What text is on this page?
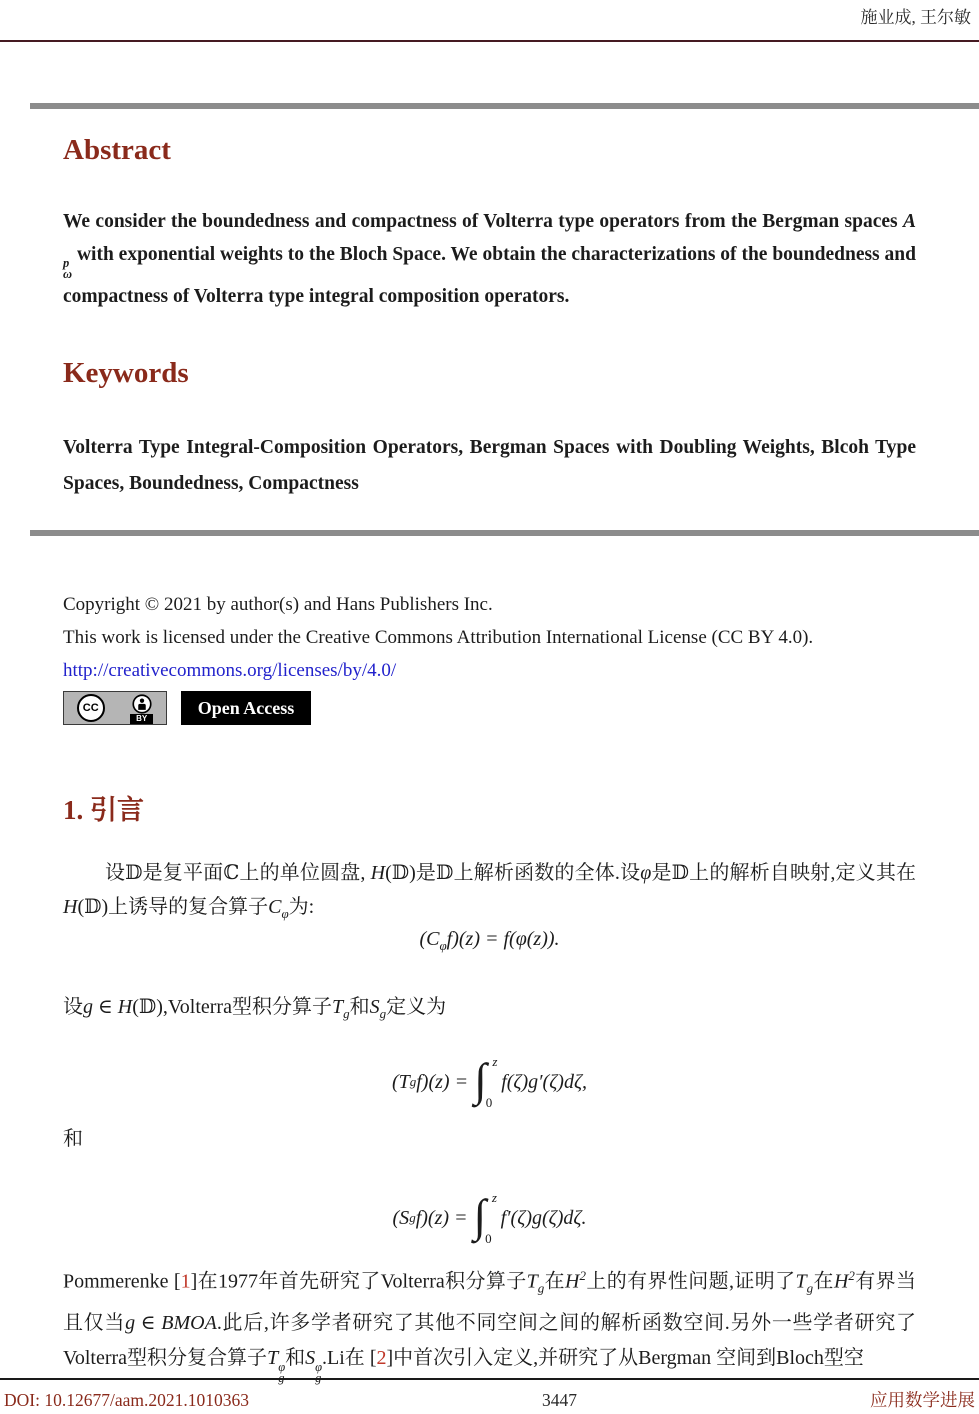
施业成, 王尔敏
Abstract
We consider the boundedness and compactness of Volterra type operators from the Bergman spaces A
p
ω
with exponential weights to the Bloch Space. We obtain the characterizations of the boundedness and compactness of Volterra type integral composition operators.
Keywords
Volterra Type Integral-Composition Operators, Bergman Spaces with Doubling Weights, Blcoh Type Spaces, Boundedness, Compactness
Copyright © 2021 by author(s) and Hans Publishers Inc.
This work is licensed under the Creative Commons Attribution International License (CC BY 4.0).
http://creativecommons.org/licenses/by/4.0/
CC
BY
Open Access
1. 引言
设𝔻是复平面ℂ上的单位圆盘, H(𝔻)是𝔻上解析函数的全体.设φ是𝔻上的解析自映射,定义其在H(𝔻)上诱导的复合算子$C_\varphi$为:
$(C_\varphi f)(z) = f(\varphi(z))$.
设g ∈ H(𝔻),Volterra型积分算子$T_g$和$S_g$定义为
(T g f)(z) = ∫ z
0
f(ζ)g′(ζ)dζ,
和
(S g f)(z) = ∫ z
0
f′(ζ)g(ζ)dζ.
Pommerenke [1]在1977年首先研究了Volterra积分算子$T_g$在$H^2$上的有界性问题,证明了$T_g$在$H^2$有界当且仅当g ∈ BMOA.此后,许多学者研究了其他不同空间之间的解析函数空间.另外一些学者研究了Volterra型积分复合算子T φ 和S φ .Li在 [2]中首次引入定义,并研究了从Bergman 空间到Bloch型空
DOI: 10.12677/aam.2021.1010363	3447	应用数学进展
